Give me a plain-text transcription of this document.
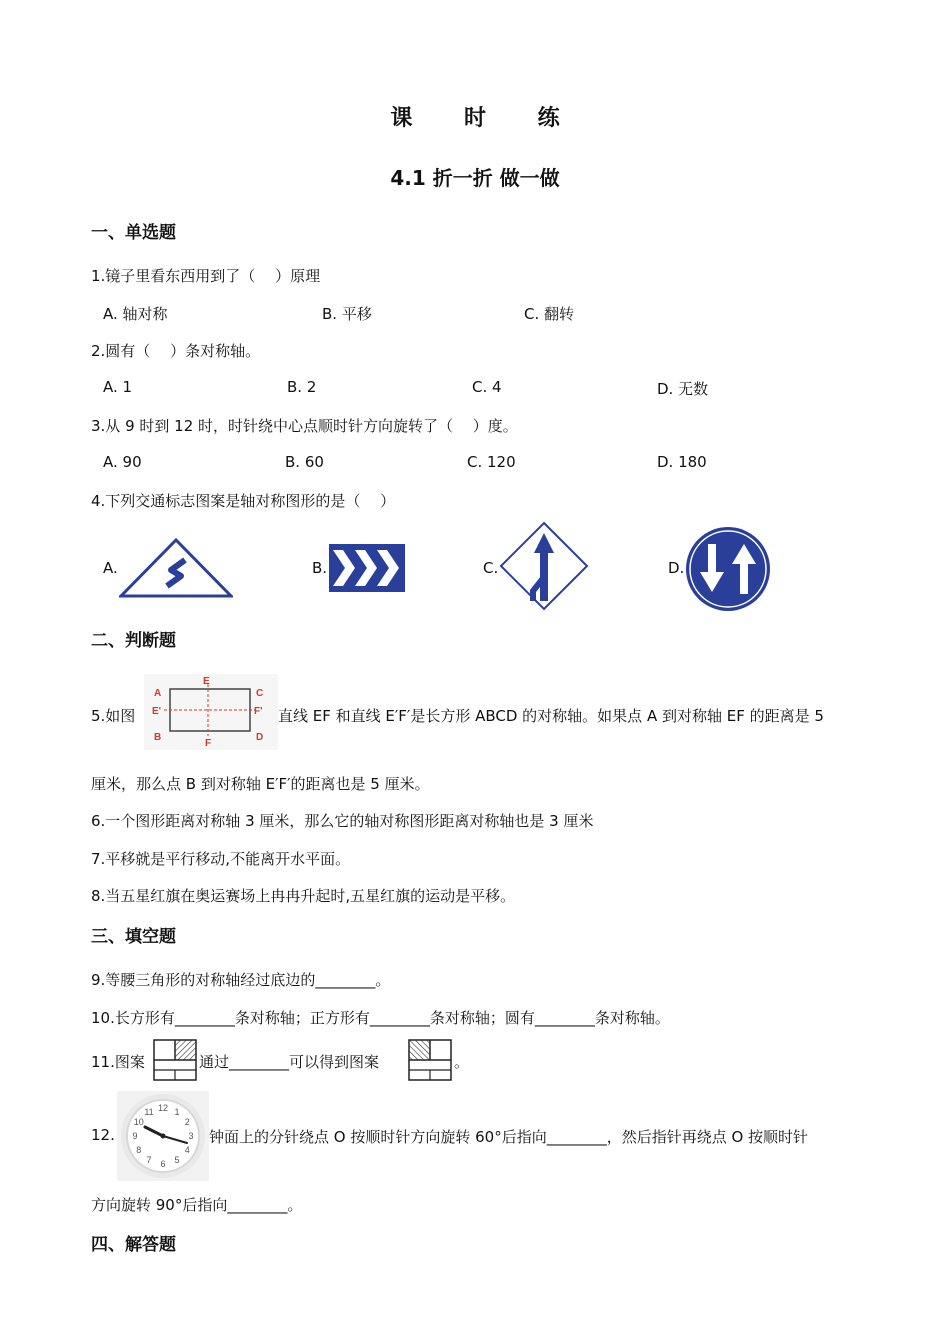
课 时 练
4.1 折一折 做一做
一、单选题
1.镜子里看东西用到了（　 ）原理
A. 轴对称	B. 平移	C. 翻转
2.圆有（　 ）条对称轴。
A. 1	B. 2	C. 4	D. 无数
3.从 9 时到 12 时，时针绕中心点顺时针方向旋转了（　 ）度。
A. 90	B. 60	C. 120	D. 180
4.下列交通标志图案是轴对称图形的是（　 ）
A.	B.	C.	D.
二、判断题
5.如图
A
B
C
D
E
F
E'	F' 直线 EF 和直线 E′F′是长方形 ABCD 的对称轴。如果点 A 到对称轴 EF 的距离是 5
厘米，那么点 B 到对称轴 E′F′的距离也是 5 厘米。
6.一个图形距离对称轴 3 厘米，那么它的轴对称图形距离对称轴也是 3 厘米
7.平移就是平行移动,不能离开水平面。
8.当五星红旗在奥运赛场上冉冉升起时,五星红旗的运动是平移。
三、填空题
9.等腰三角形的对称轴经过底边的________。
10.长方形有________条对称轴；正方形有________条对称轴；圆有________条对称轴。
11.图案	通过________可以得到图案	。
12.
12 1
2
3
4
5
6
7
8
9
10
11
钟面上的分针绕点 O 按顺时针方向旋转 60°后指向________，然后指针再绕点 O 按顺时针
方向旋转 90°后指向________。
四、解答题
